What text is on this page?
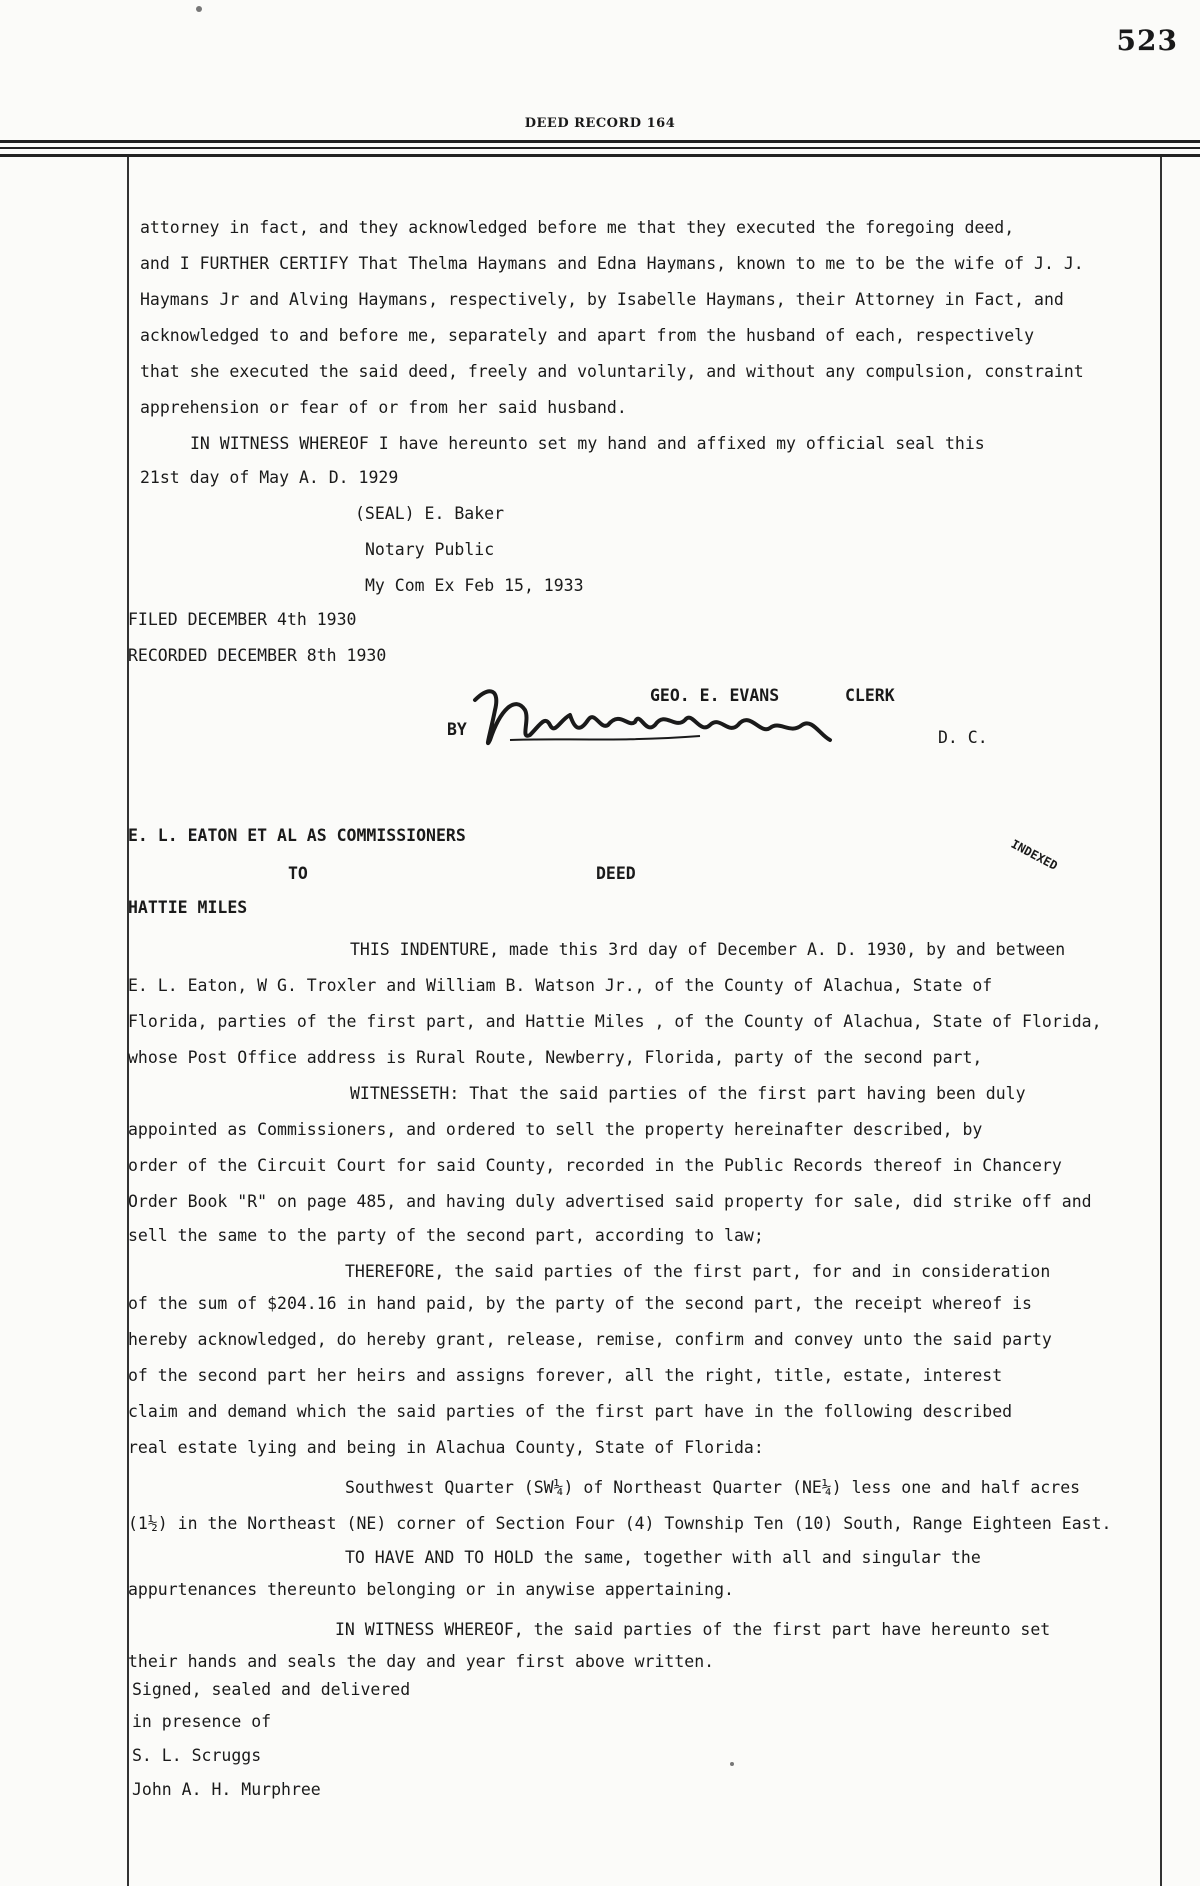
523
DEED RECORD 164
attorney in fact, and they acknowledged before me that they executed the foregoing deed,
and I FURTHER CERTIFY That Thelma Haymans and Edna Haymans, known to me to be the wife of J. J.
Haymans Jr and Alving Haymans, respectively, by Isabelle Haymans, their Attorney in Fact, and
acknowledged to and before me, separately and apart from the husband of each, respectively
that she executed the said deed, freely and voluntarily, and without any compulsion, constraint
apprehension or fear of or from her said husband.
IN WITNESS WHEREOF I have hereunto set my hand and affixed my official seal this
21st day of May A. D. 1929
(SEAL) E. Baker
Notary Public
My Com Ex Feb 15, 1933
FILED DECEMBER 4th 1930
RECORDED DECEMBER 8th 1930
GEO. E. EVANS	CLERK
BY	D. C.
E. L. EATON ET AL AS COMMISSIONERS
INDEXED
TO	DEED
HATTIE MILES
THIS INDENTURE, made this 3rd day of December A. D. 1930, by and between
E. L. Eaton, W G. Troxler and William B. Watson Jr., of the County of Alachua, State of
Florida, parties of the first part, and Hattie Miles , of the County of Alachua, State of Florida,
whose Post Office address is Rural Route, Newberry, Florida, party of the second part,
WITNESSETH: That the said parties of the first part having been duly
appointed as Commissioners, and ordered to sell the property hereinafter described, by
order of the Circuit Court for said County, recorded in the Public Records thereof in Chancery
Order Book "R" on page 485, and having duly advertised said property for sale, did strike off and
sell the same to the party of the second part, according to law;
THEREFORE, the said parties of the first part, for and in consideration
of the sum of $204.16 in hand paid, by the party of the second part, the receipt whereof is
hereby acknowledged, do hereby grant, release, remise, confirm and convey unto the said party
of the second part her heirs and assigns forever, all the right, title, estate, interest
claim and demand which the said parties of the first part have in the following described
real estate lying and being in Alachua County, State of Florida:
Southwest Quarter (SW¼) of Northeast Quarter (NE¼) less one and half acres
(1½) in the Northeast (NE) corner of Section Four (4) Township Ten (10) South, Range Eighteen East.
TO HAVE AND TO HOLD the same, together with all and singular the
appurtenances thereunto belonging or in anywise appertaining.
IN WITNESS WHEREOF, the said parties of the first part have hereunto set
their hands and seals the day and year first above written.
Signed, sealed and delivered
in presence of
S. L. Scruggs
John A. H. Murphree
